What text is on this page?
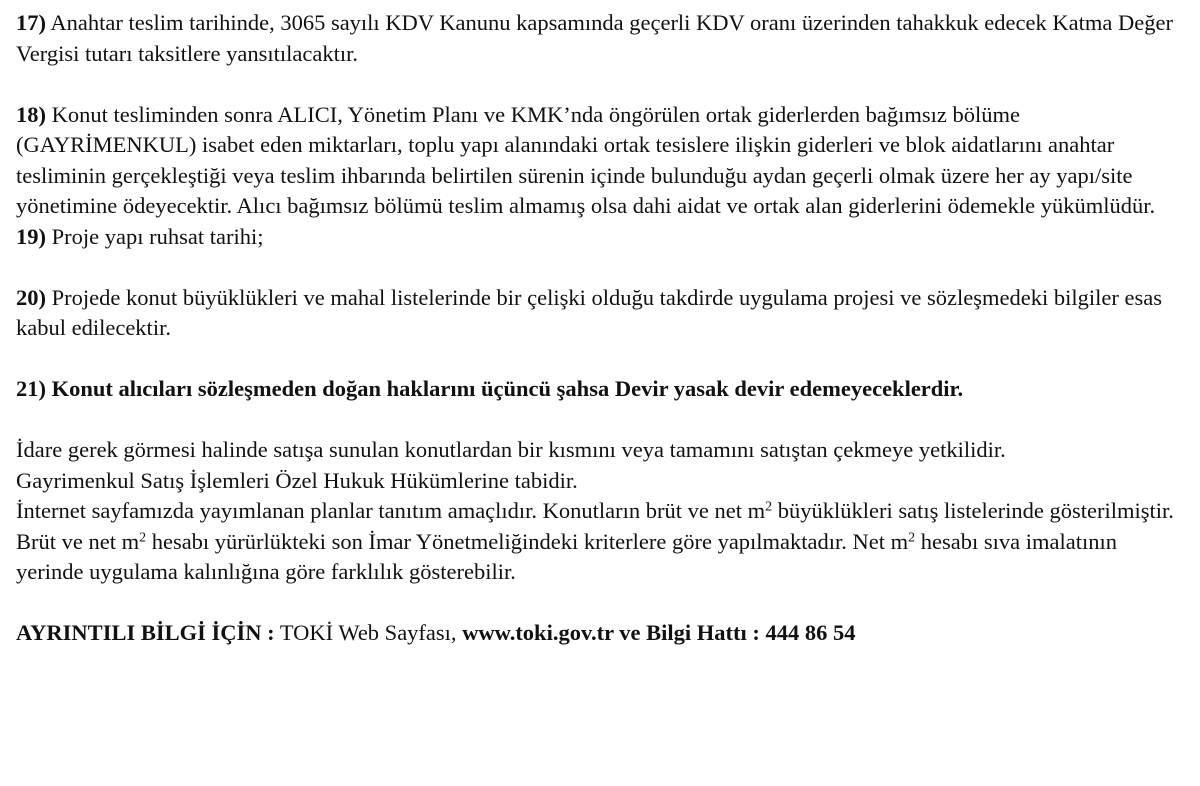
17) Anahtar teslim tarihinde, 3065 sayılı KDV Kanunu kapsamında geçerli KDV oranı üzerinden tahakkuk edecek Katma Değer Vergisi tutarı taksitlere yansıtılacaktır.

18) Konut tesliminden sonra ALICI, Yönetim Planı ve KMK’nda öngörülen ortak giderlerden bağımsız bölüme (GAYRİMENKUL) isabet eden miktarları, toplu yapı alanındaki ortak tesislere ilişkin giderleri ve blok aidatlarını anahtar tesliminin gerçekleştiği veya teslim ihbarında belirtilen sürenin içinde bulunduğu aydan geçerli olmak üzere her ay yapı/site yönetimine ödeyecektir. Alıcı bağımsız bölümü teslim almamış olsa dahi aidat ve ortak alan giderlerini ödemekle yükümlüdür.

19) Proje yapı ruhsat tarihi;

20) Projede konut büyüklükleri ve mahal listelerinde bir çelişki olduğu takdirde uygulama projesi ve sözleşmedeki bilgiler esas kabul edilecektir.

21) Konut alıcıları sözleşmeden doğan haklarını üçüncü şahsa Devir yasak devir edemeyeceklerdir.

İdare gerek görmesi halinde satışa sunulan konutlardan bir kısmını veya tamamını satıştan çekmeye yetkilidir.

Gayrimenkul Satış İşlemleri Özel Hukuk Hükümlerine tabidir.

İnternet sayfamızda yayımlanan planlar tanıtım amaçlıdır. Konutların brüt ve net $m^2$ büyüklükleri satış listelerinde gösterilmiştir. Brüt ve net $m^2$ hesabı yürürlükteki son İmar Yönetmeliğindeki kriterlere göre yapılmaktadır. Net $m^2$ hesabı sıva imalatının yerinde uygulama kalınlığına göre farklılık gösterebilir.

AYRINTILI BİLGİ İÇİN : TOKİ Web Sayfası, www.toki.gov.tr ve Bilgi Hattı : 444 86 54
